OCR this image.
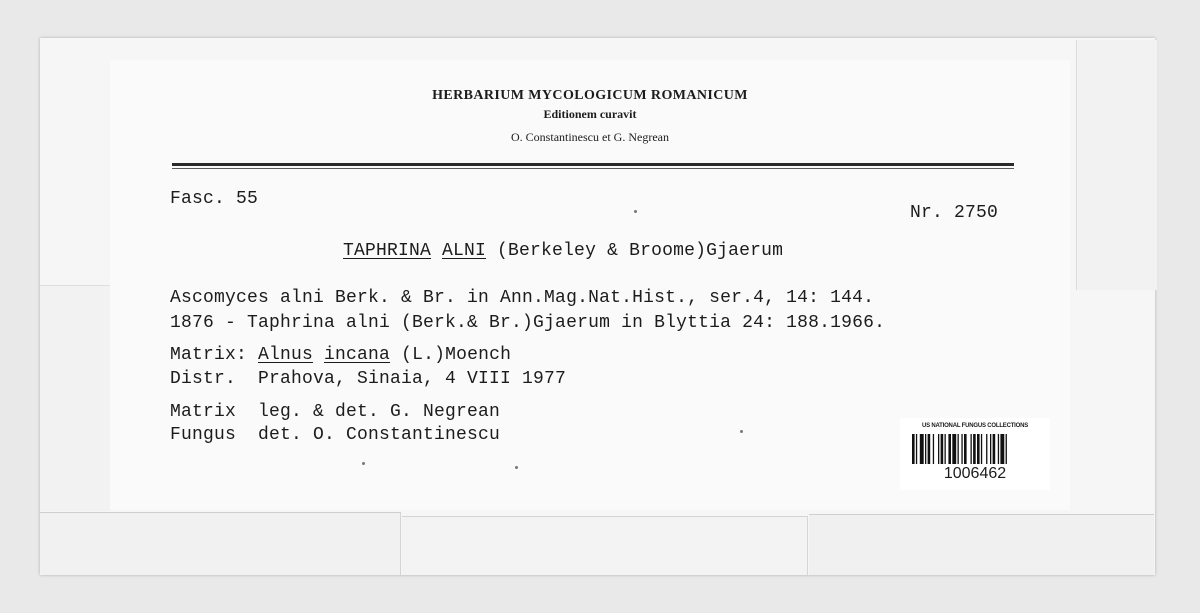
HERBARIUM MYCOLOGICUM ROMANICUM
Editionem curavit
O. Constantinescu et G. Negrean
Fasc. 55
Nr. 2750
TAPHRINA ALNI (Berkeley & Broome)Gjaerum
Ascomyces alni Berk. & Br. in Ann.Mag.Nat.Hist., ser.4, 14: 144.
1876 - Taphrina alni (Berk.& Br.)Gjaerum in Blyttia 24: 188.1966.
Matrix: Alnus incana (L.)Moench
Distr.  Prahova, Sinaia, 4 VIII 1977
Matrix  leg. & det. G. Negrean
Fungus  det. O. Constantinescu	US NATIONAL FUNGUS COLLECTIONS
1006462
